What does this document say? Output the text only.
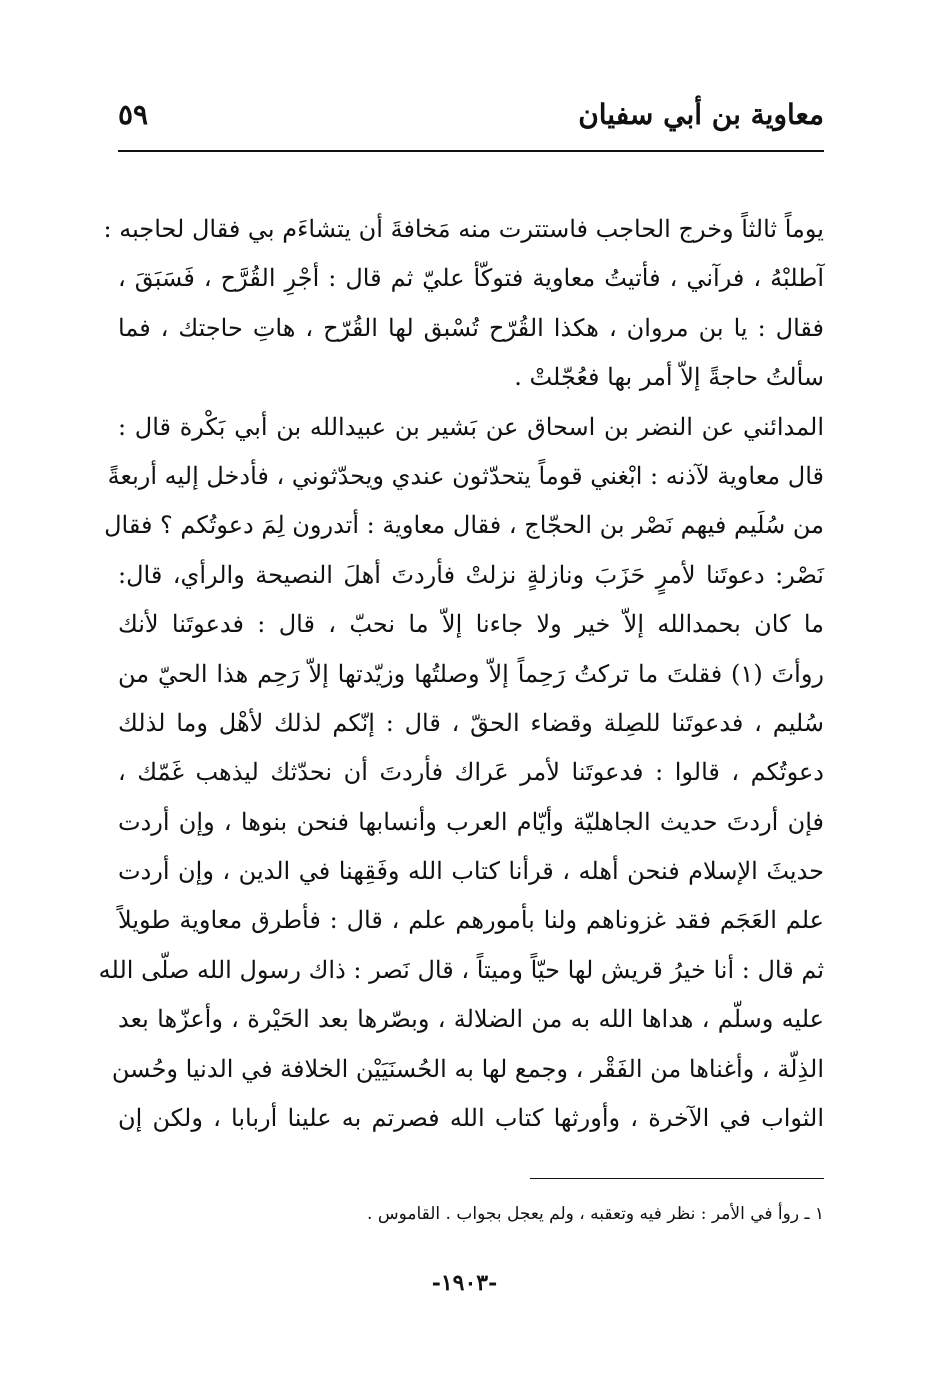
معاوية بن أبي سفيان
٥٩
يوماً ثالثاً وخرج الحاجب فاستترت منه مَخافةَ أن يتشاءَم بي فقال لحاجبه :
آطلبْهُ ، فرآني ، فأتيتُ معاوية فتوكّأ عليّ ثم قال : أجْرِ القُرَّح ، فَسَبَقَ ،
فقال : يا بن مروان ، هكذا القُرّح تُسْبق لها القُرّح ، هاتِ حاجتك ، فما
سألتُ حاجةً إلاّ أمر بها فعُجّلتْ .
المدائني عن النضر بن اسحاق عن بَشير بن عبيدالله بن أبي بَكْرة قال :
قال معاوية لآذنه : ابْغني قوماً يتحدّثون عندي ويحدّثوني ، فأدخل إليه أربعةً
من سُلَيم فيهم نَصْر بن الحجّاج ، فقال معاوية : أتدرون لِمَ دعوتُكم ؟ فقال
نَصْر: دعوتَنا لأمرٍ حَزَبَ ونازلةٍ نزلتْ فأردتَ أهلَ النصيحة والرأي، قال:
ما كان بحمدالله إلاّ خير ولا جاءنا إلاّ ما نحبّ ، قال : فدعوتَنا لأنك
روأتَ (١) فقلتَ ما تركتُ رَحِماً إلاّ وصلتُها وزيّدتها إلاّ رَحِم هذا الحيّ من
سُليم ، فدعوتَنا للصِلة وقضاء الحقّ ، قال : إنّكم لذلك لأهْل وما لذلك
دعوتُكم ، قالوا : فدعوتَنا لأمر عَراك فأردتَ أن نحدّثك ليذهب غَمّك ،
فإن أردتَ حديث الجاهليّة وأيّام العرب وأنسابها فنحن بنوها ، وإن أردت
حديثَ الإسلام فنحن أهله ، قرأنا كتاب الله وفَقِهنا في الدين ، وإن أردت
علم العَجَم فقد غزوناهم ولنا بأمورهم علم ، قال : فأطرق معاوية طويلاً
ثم قال : أنا خيرُ قريش لها حيّاً وميتاً ، قال نَصر : ذاك رسول الله صلّى الله
عليه وسلّم ، هداها الله به من الضلالة ، وبصّرها بعد الحَيْرة ، وأعزّها بعد
الذِلّة ، وأغناها من الفَقْر ، وجمع لها به الحُسنَيَيْن الخلافة في الدنيا وحُسن
الثواب في الآخرة ، وأورثها كتاب الله فصرتم به علينا أربابا ، ولكن إن
١ ـ روأ في الأمر : نظر فيه وتعقبه ، ولم يعجل بجواب . القاموس .
-١٩٠٣-
